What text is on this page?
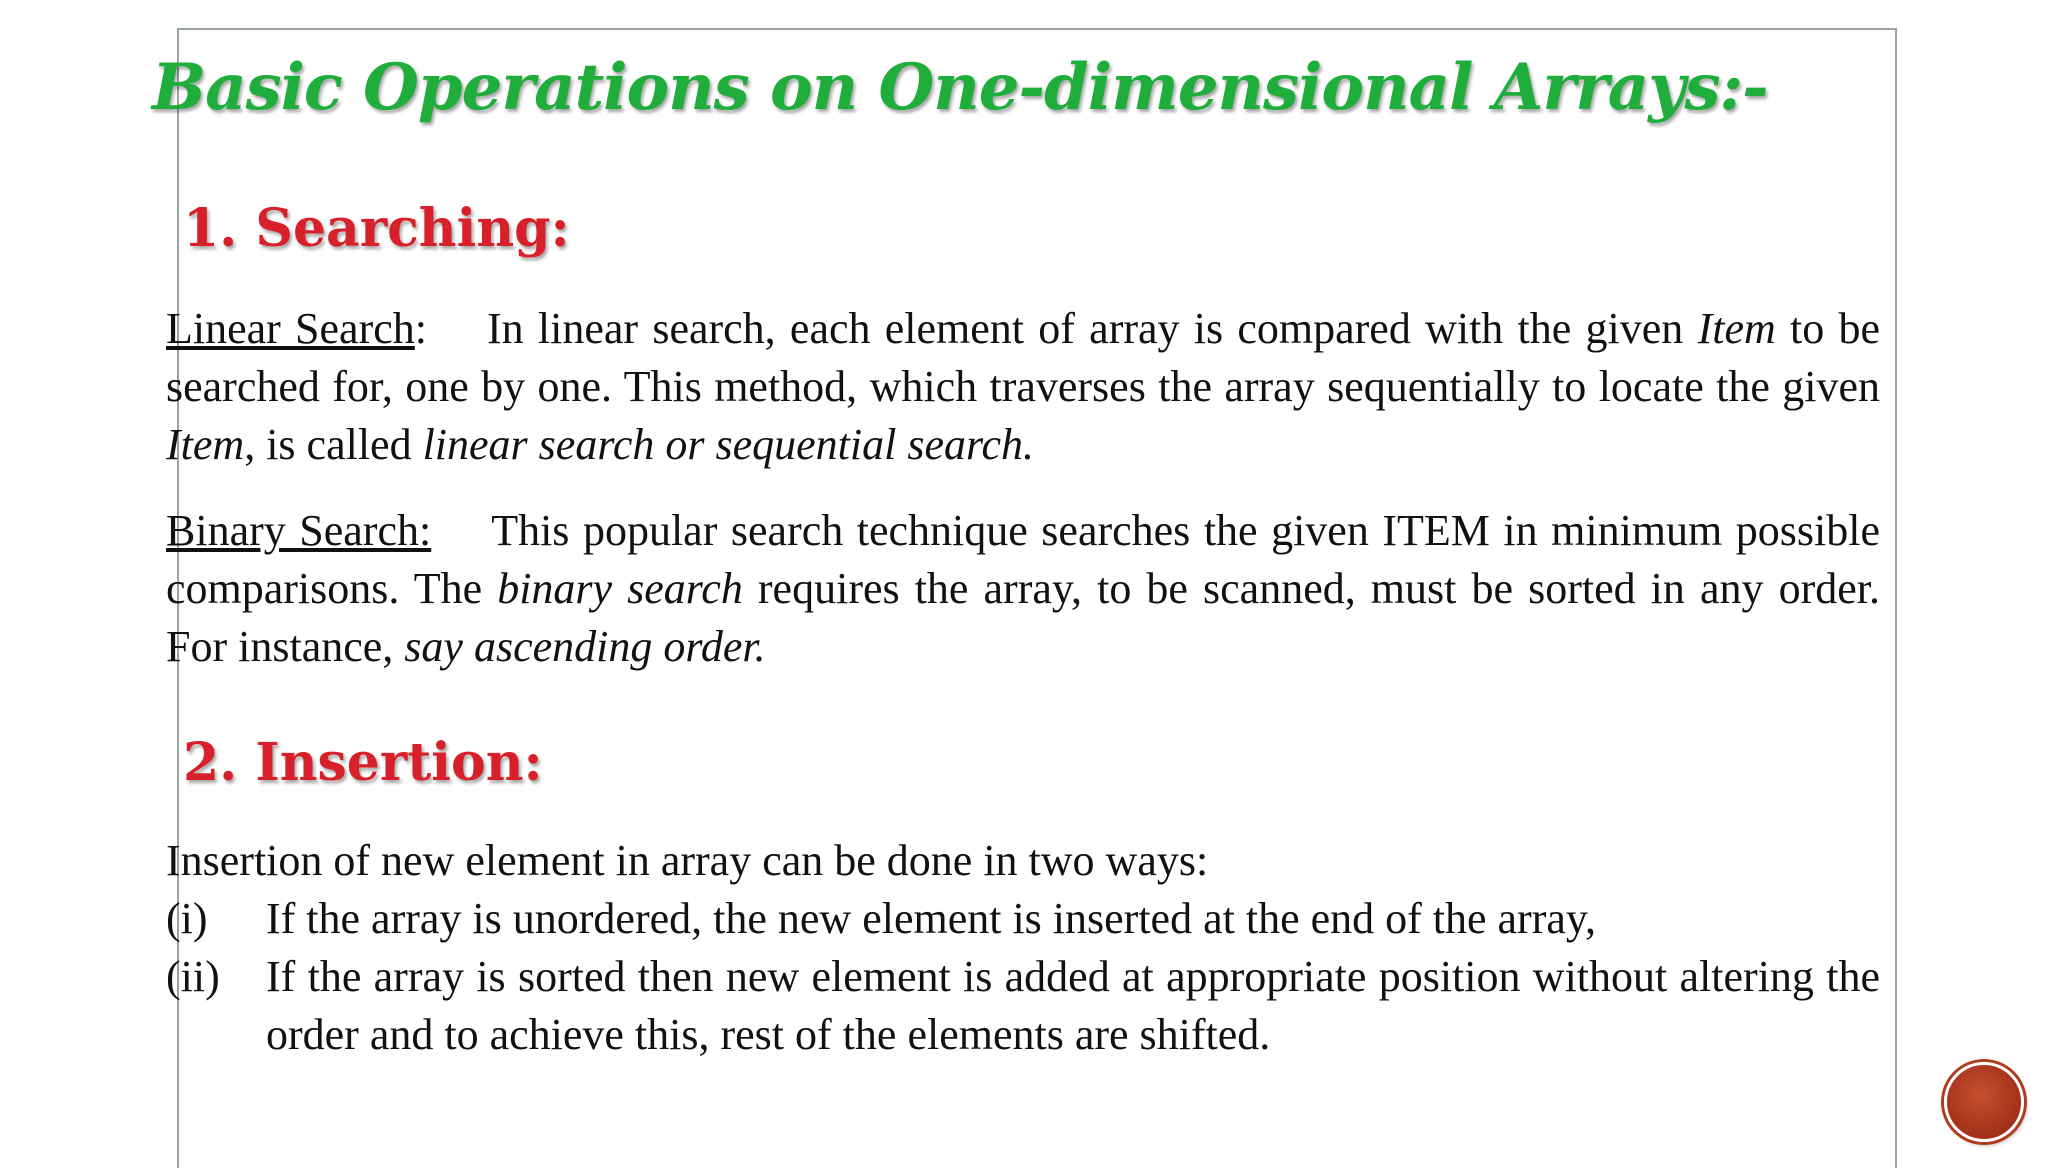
Basic Operations on One-dimensional Arrays:-
1. Searching:

Linear Search: In linear search, each element of array is compared with the given Item to be searched for, one by one. This method, which traverses the array sequentially to locate the given Item, is called linear search or sequential search.

Binary Search: This popular search technique searches the given ITEM in minimum possible comparisons. The binary search requires the array, to be scanned, must be sorted in any order. For instance, say ascending order.

2. Insertion:

Insertion of new element in array can be done in two ways:

(i)	If the array is unordered, the new element is inserted at the end of the array,
(ii)	If the array is sorted then new element is added at appropriate position without altering the order and to achieve this, rest of the elements are shifted.
